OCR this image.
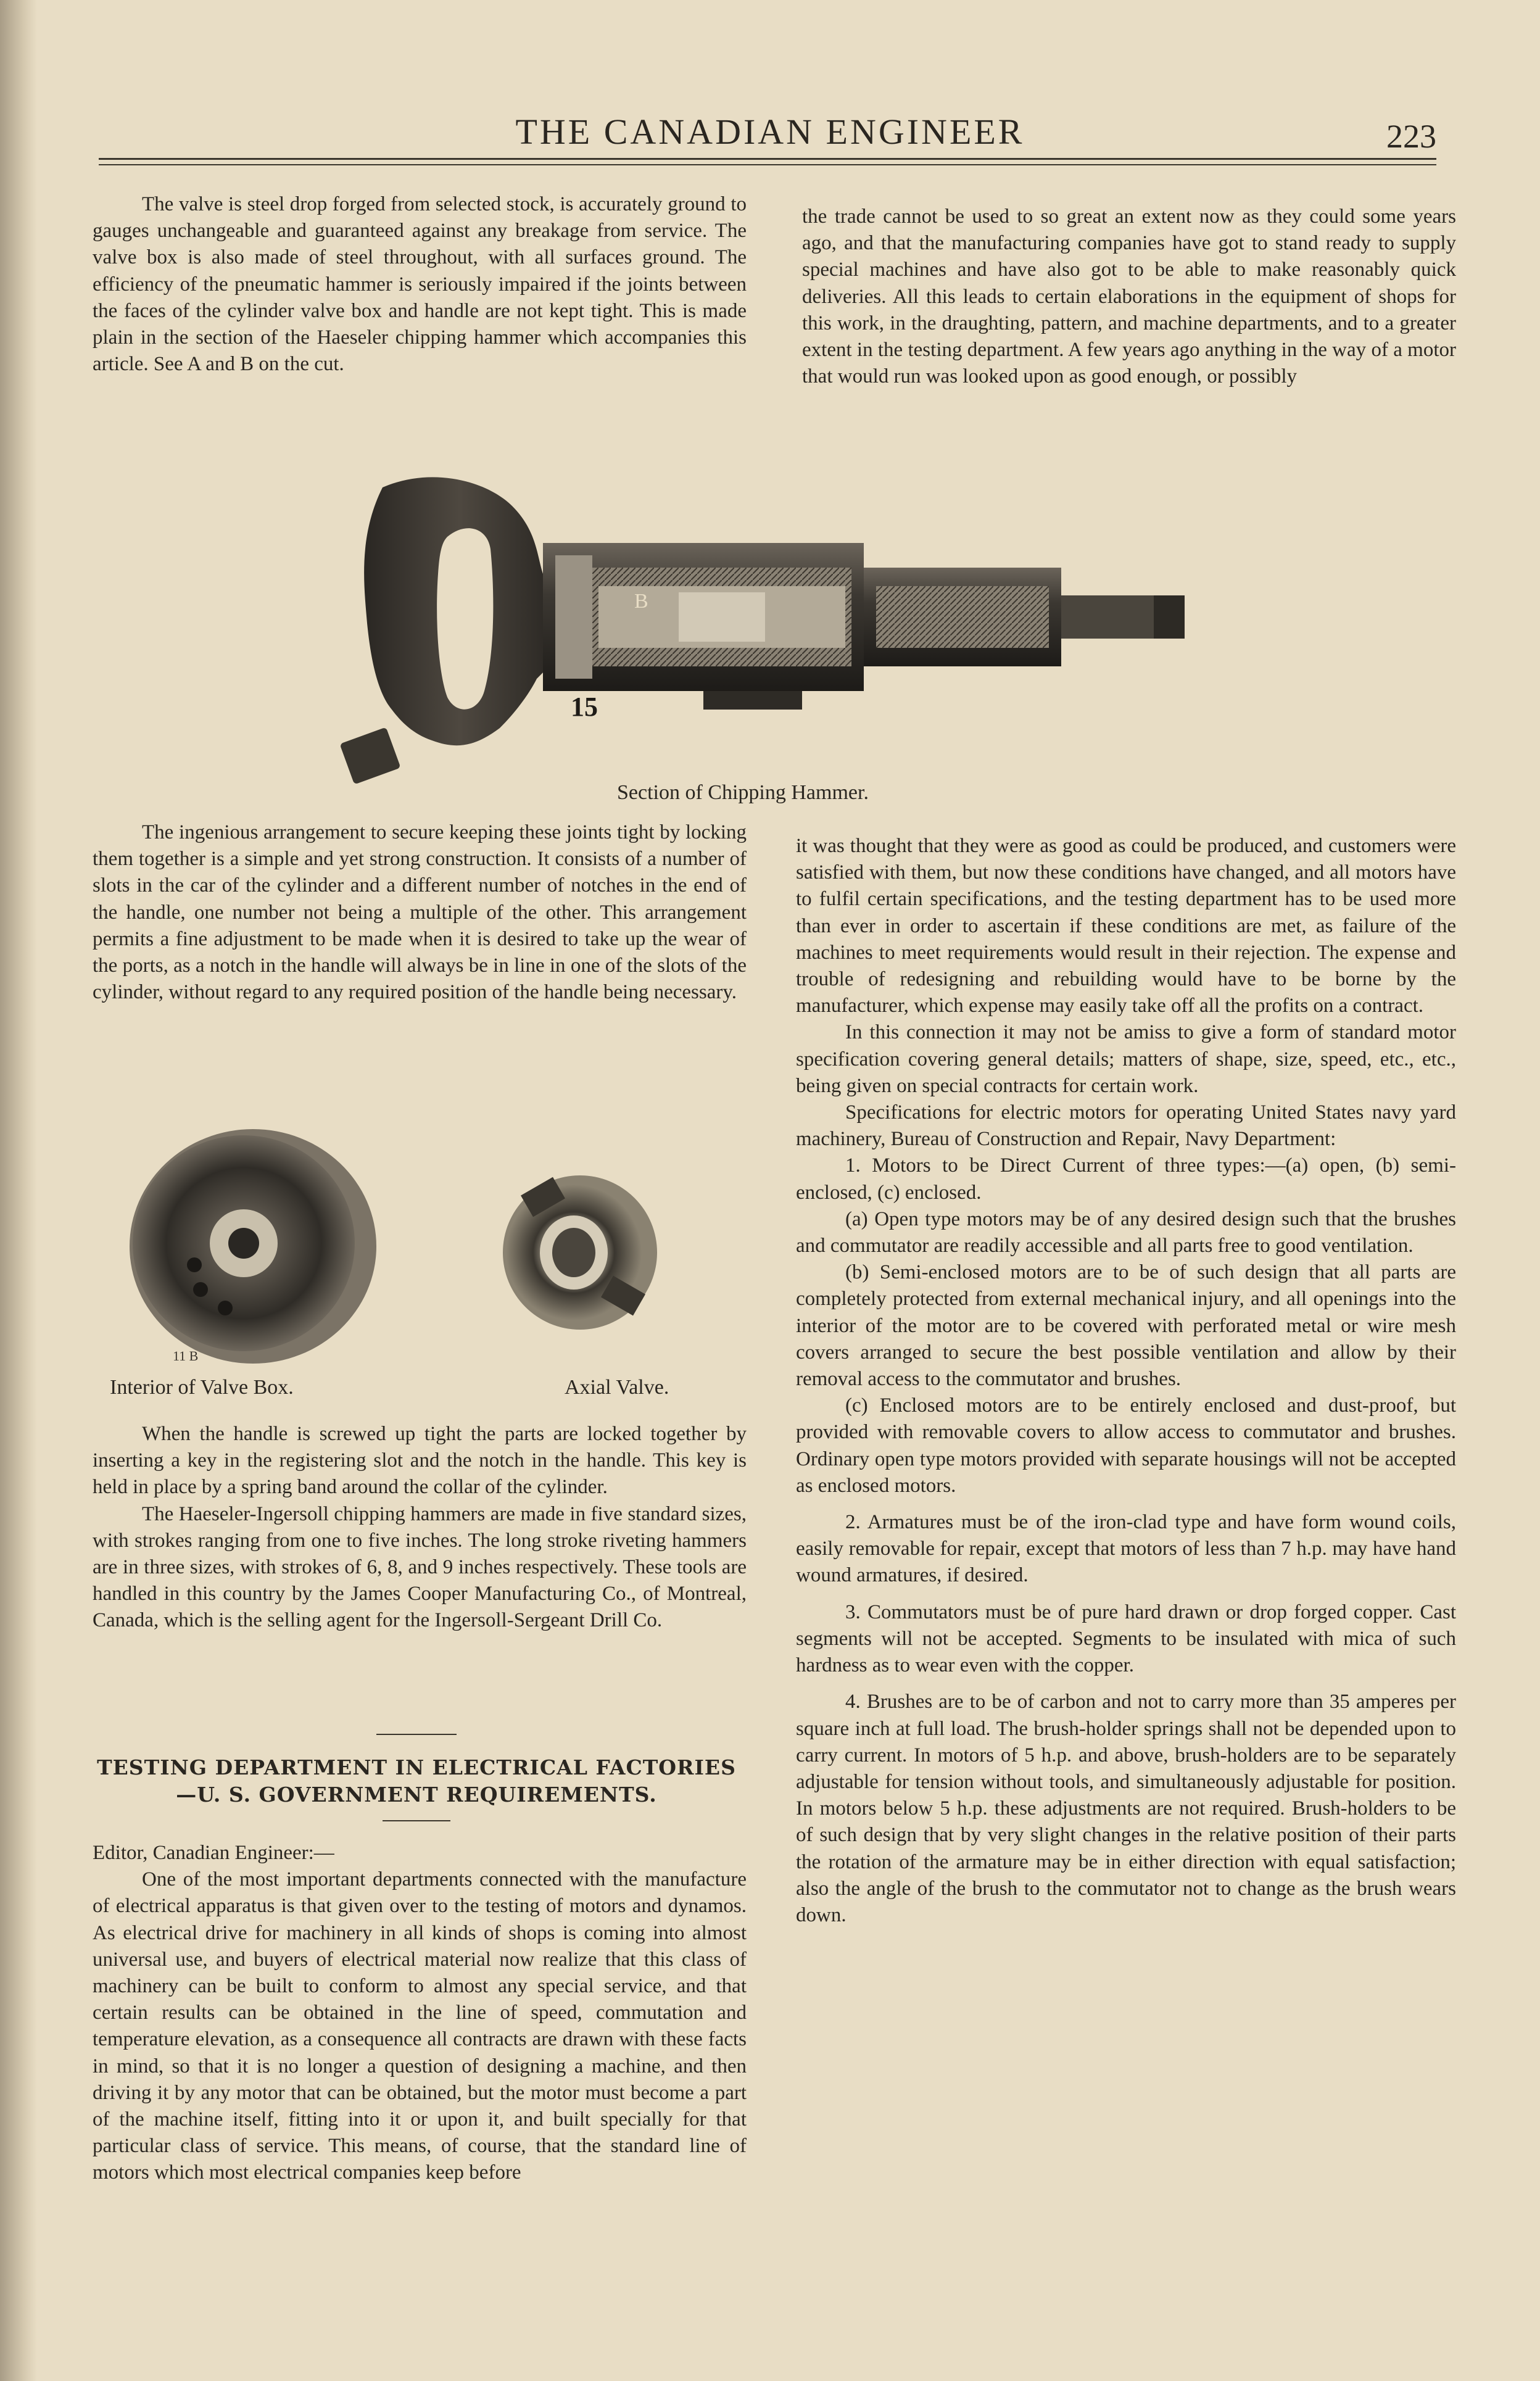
THE CANADIAN ENGINEER	223

The valve is steel drop forged from selected stock, is accurately ground to gauges unchangeable and guaranteed against any breakage from service. The valve box is also made of steel throughout, with all surfaces ground. The efficiency of the pneumatic hammer is seriously impaired if the joints between the faces of the cylinder valve box and handle are not kept tight. This is made plain in the section of the Haeseler chipping hammer which accompanies this article. See A and B on the cut.

the trade cannot be used to so great an extent now as they could some years ago, and that the manufacturing companies have got to stand ready to supply special machines and have also got to be able to make reasonably quick deliveries. All this leads to certain elaborations in the equipment of shops for this work, in the draughting, pattern, and machine departments, and to a greater extent in the testing department. A few years ago anything in the way of a motor that would run was looked upon as good enough, or possibly

A
B
15
Section of Chipping Hammer.

The ingenious arrangement to secure keeping these joints tight by locking them together is a simple and yet strong construction. It consists of a number of slots in the car of the cylinder and a different number of notches in the end of the handle, one number not being a multiple of the other. This arrangement permits a fine adjustment to be made when it is desired to take up the wear of the ports, as a notch in the handle will always be in line in one of the slots of the cylinder, without regard to any required position of the handle being necessary.

11 B
Interior of Valve Box.	Axial Valve.

When the handle is screwed up tight the parts are locked together by inserting a key in the registering slot and the notch in the handle. This key is held in place by a spring band around the collar of the cylinder.

The Haeseler-Ingersoll chipping hammers are made in five standard sizes, with strokes ranging from one to five inches. The long stroke riveting hammers are in three sizes, with strokes of 6, 8, and 9 inches respectively. These tools are handled in this country by the James Cooper Manufacturing Co., of Montreal, Canada, which is the selling agent for the Ingersoll-Sergeant Drill Co.

TESTING DEPARTMENT IN ELECTRICAL FACTORIES
—U. S. GOVERNMENT REQUIREMENTS.

Editor, Canadian Engineer:—

One of the most important departments connected with the manufacture of electrical apparatus is that given over to the testing of motors and dynamos. As electrical drive for machinery in all kinds of shops is coming into almost universal use, and buyers of electrical material now realize that this class of machinery can be built to conform to almost any special service, and that certain results can be obtained in the line of speed, commutation and temperature elevation, as a consequence all contracts are drawn with these facts in mind, so that it is no longer a question of designing a machine, and then driving it by any motor that can be obtained, but the motor must become a part of the machine itself, fitting into it or upon it, and built specially for that particular class of service. This means, of course, that the standard line of motors which most electrical companies keep before

it was thought that they were as good as could be produced, and customers were satisfied with them, but now these conditions have changed, and all motors have to fulfil certain specifications, and the testing department has to be used more than ever in order to ascertain if these conditions are met, as failure of the machines to meet requirements would result in their rejection. The expense and trouble of redesigning and rebuilding would have to be borne by the manufacturer, which expense may easily take off all the profits on a contract.

In this connection it may not be amiss to give a form of standard motor specification covering general details; matters of shape, size, speed, etc., etc., being given on special contracts for certain work.

Specifications for electric motors for operating United States navy yard machinery, Bureau of Construction and Repair, Navy Department:

1. Motors to be Direct Current of three types:—(a) open, (b) semi-enclosed, (c) enclosed.

(a) Open type motors may be of any desired design such that the brushes and commutator are readily accessible and all parts free to good ventilation.

(b) Semi-enclosed motors are to be of such design that all parts are completely protected from external mechanical injury, and all openings into the interior of the motor are to be covered with perforated metal or wire mesh covers arranged to secure the best possible ventilation and allow by their removal access to the commutator and brushes.

(c) Enclosed motors are to be entirely enclosed and dust-proof, but provided with removable covers to allow access to commutator and brushes. Ordinary open type motors provided with separate housings will not be accepted as enclosed motors.

2. Armatures must be of the iron-clad type and have form wound coils, easily removable for repair, except that motors of less than 7 h.p. may have hand wound armatures, if desired.

3. Commutators must be of pure hard drawn or drop forged copper. Cast segments will not be accepted. Segments to be insulated with mica of such hardness as to wear even with the copper.

4. Brushes are to be of carbon and not to carry more than 35 amperes per square inch at full load. The brush-holder springs shall not be depended upon to carry current. In motors of 5 h.p. and above, brush-holders are to be separately adjustable for tension without tools, and simultaneously adjustable for position. In motors below 5 h.p. these adjustments are not required. Brush-holders to be of such design that by very slight changes in the relative position of their parts the rotation of the armature may be in either direction with equal satisfaction; also the angle of the brush to the commutator not to change as the brush wears down.
